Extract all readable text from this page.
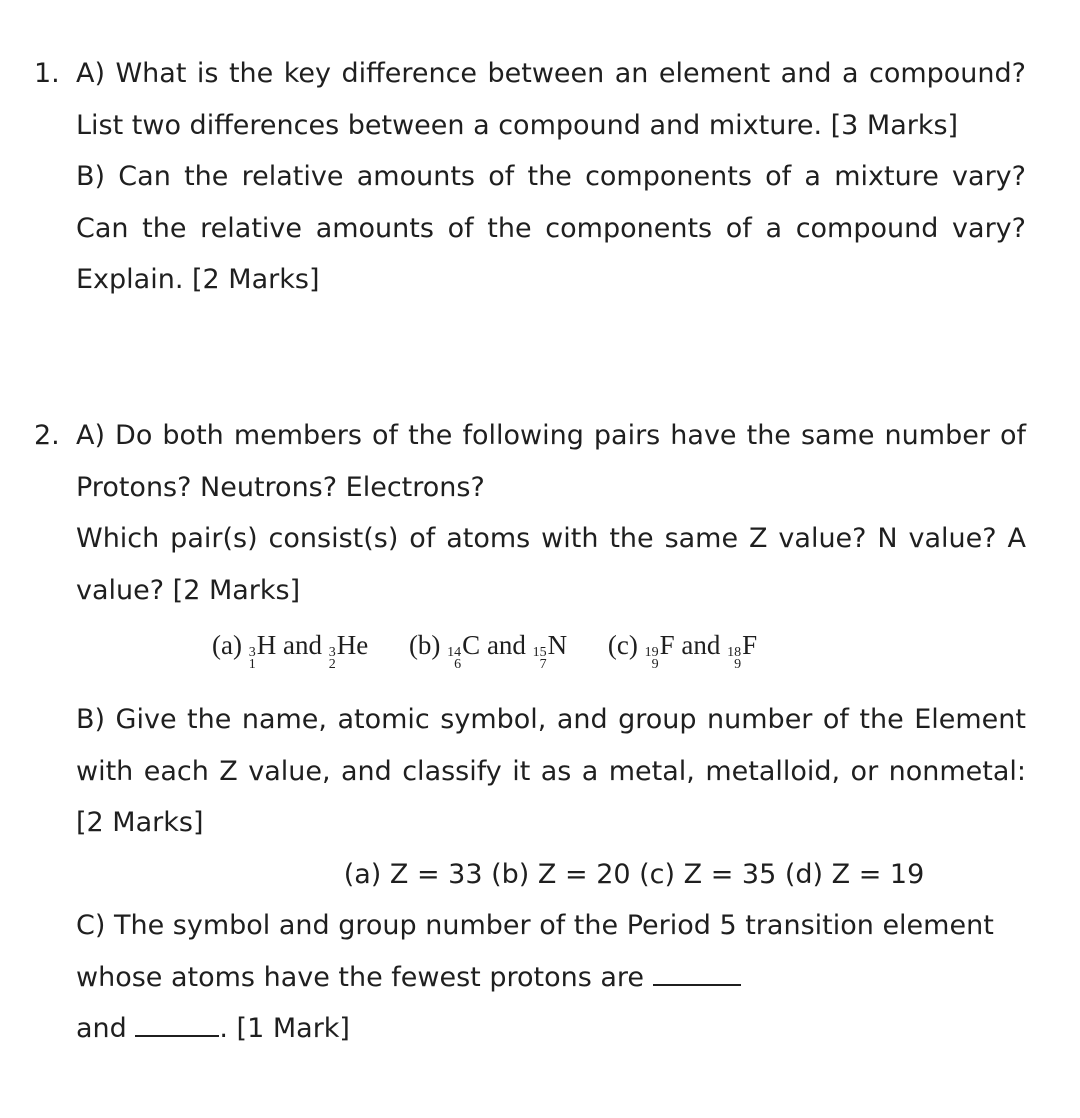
1. A) What is the key difference between an element and a compound? List two differences between a compound and mixture. [3 Marks]

B) Can the relative amounts of the components of a mixture vary? Can the relative amounts of the components of a compound vary? Explain. [2 Marks]

2. A) Do both members of the following pairs have the same number of Protons? Neutrons? Electrons?

Which pair(s) consist(s) of atoms with the same Z value? N value? A value? [2 Marks]

(a) 3
1
H and 3
2
He (b) 14
6
C and 15
7
N (c) 19
9
F and 18
9
F

B) Give the name, atomic symbol, and group number of the Element with each Z value, and classify it as a metal, metalloid, or nonmetal: [2 Marks]

(a) Z = 33 (b) Z = 20 (c) Z = 35 (d) Z = 19

C) The symbol and group number of the Period 5 transition element whose atoms have the fewest protons are
and	. [1 Mark]
